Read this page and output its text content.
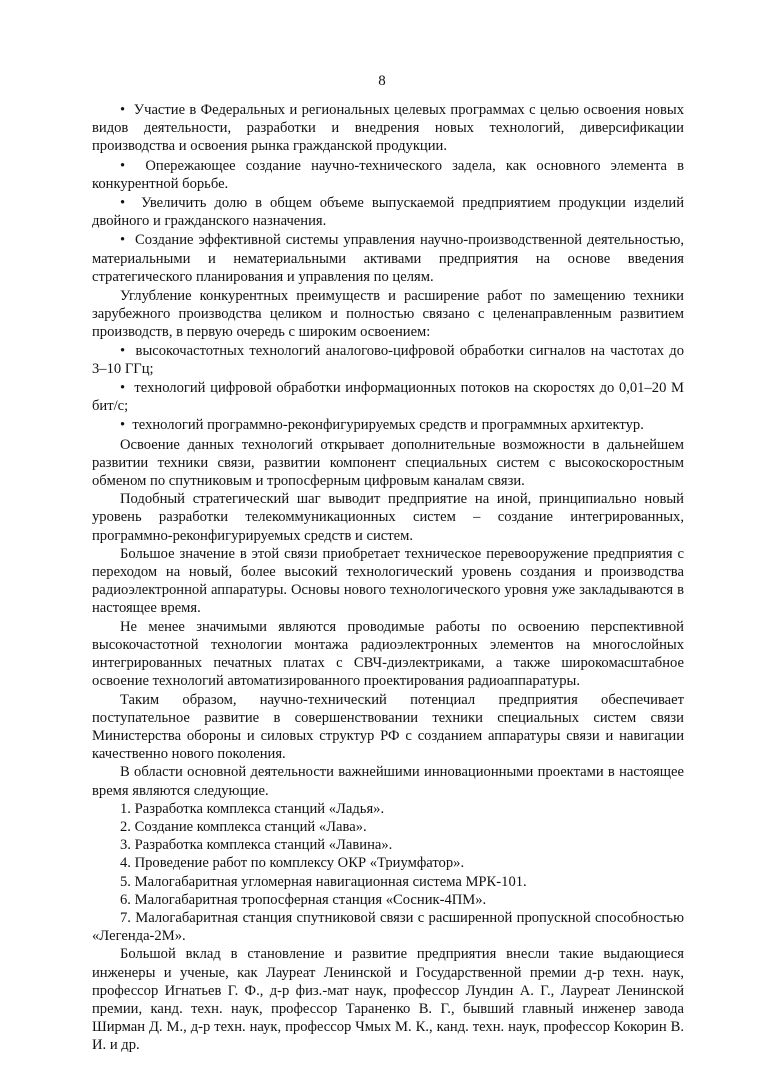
8

•  Участие в Федеральных и региональных целевых программах с целью освоения новых видов деятельности, разработки и внедрения новых технологий, диверсификации производства и освоения рынка гражданской продукции.

•  Опережающее создание научно-технического задела, как основного элемента в конкурентной борьбе.

•  Увеличить долю в общем объеме выпускаемой предприятием продукции изделий двойного и гражданского назначения.

•  Создание эффективной системы управления научно-производственной деятельностью, материальными и нематериальными активами предприятия на основе введения стратегического планирования и управления по целям.

Углубление конкурентных преимуществ и расширение работ по замещению техники зарубежного производства целиком и полностью связано с целенаправленным развитием производств, в первую очередь с широким освоением:

•  высокочастотных технологий аналогово-цифровой обработки сигналов на частотах до 3–10 ГГц;

•  технологий цифровой обработки информационных потоков на скоростях до 0,01–20 М бит/с;

•  технологий программно-реконфигурируемых средств и программных архитектур.

Освоение данных технологий открывает дополнительные возможности в дальнейшем развитии техники связи, развитии компонент специальных систем с высокоскоростным обменом по спутниковым и тропосферным цифровым каналам связи.

Подобный стратегический шаг выводит предприятие на иной, принципиально новый уровень разработки телекоммуникационных систем – создание интегрированных, программно-реконфигурируемых средств и систем.

Большое значение в этой связи приобретает техническое перевооружение предприятия с переходом на новый, более высокий технологический уровень создания и производства радиоэлектронной аппаратуры. Основы нового технологического уровня уже закладываются в настоящее время.

Не менее значимыми являются проводимые работы по освоению перспективной высокочастотной технологии монтажа радиоэлектронных элементов на многослойных интегрированных печатных платах с СВЧ-диэлектриками, а также широкомасштабное освоение технологий автоматизированного проектирования радиоаппаратуры.

Таким образом, научно-технический потенциал предприятия обеспечивает поступательное развитие в совершенствовании техники специальных систем связи Министерства обороны и силовых структур РФ с созданием аппаратуры связи и навигации качественно нового поколения.

В области основной деятельности важнейшими инновационными проектами в настоящее время являются следующие.

1. Разработка комплекса станций «Ладья».

2. Создание комплекса станций «Лава».

3. Разработка комплекса станций «Лавина».

4. Проведение работ по комплексу ОКР «Триумфатор».

5. Малогабаритная угломерная навигационная система МРК-101.

6. Малогабаритная тропосферная станция «Сосник-4ПМ».

7. Малогабаритная станция спутниковой связи с расширенной пропускной способностью «Легенда-2М».

Большой вклад в становление и развитие предприятия внесли такие выдающиеся инженеры и ученые, как Лауреат Ленинской и Государственной премии д-р техн. наук, профессор Игнатьев Г. Ф., д-р физ.-мат наук, профессор Лундин А. Г., Лауреат Ленинской премии, канд. техн. наук, профессор Тараненко В. Г., бывший главный инженер завода Ширман Д. М., д-р техн. наук, профессор Чмых М. К., канд. техн. наук, профессор Кокорин В. И. и др.
